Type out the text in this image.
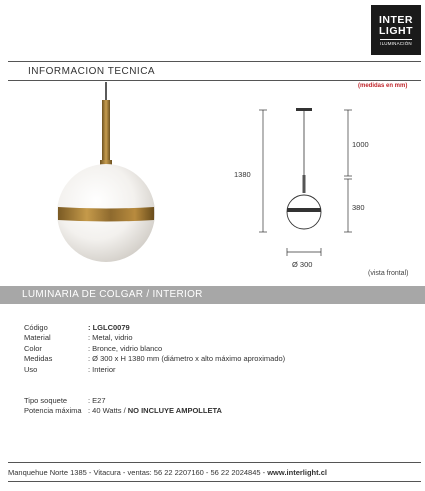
INTER
LIGHT
ILUMINACIÓN
INFORMACION TECNICA
(medidas en mm)
1380
1000
380
Ø 300
(vista frontal)
LUMINARIA DE COLGAR / INTERIOR
Código	: LGLC0079
Material	: Metal, vidrio
Color	: Bronce, vidrio blanco
Medidas	: Ø 300 x H 1380 mm (diámetro x alto máximo aproximado)
Uso	: Interior
Tipo soquete	: E27
Potencia máxima : 40 Watts / NO INCLUYE AMPOLLETA
Manquehue Norte 1385 - Vitacura - ventas: 56 22 2207160 - 56 22 2024845 - www.interlight.cl
